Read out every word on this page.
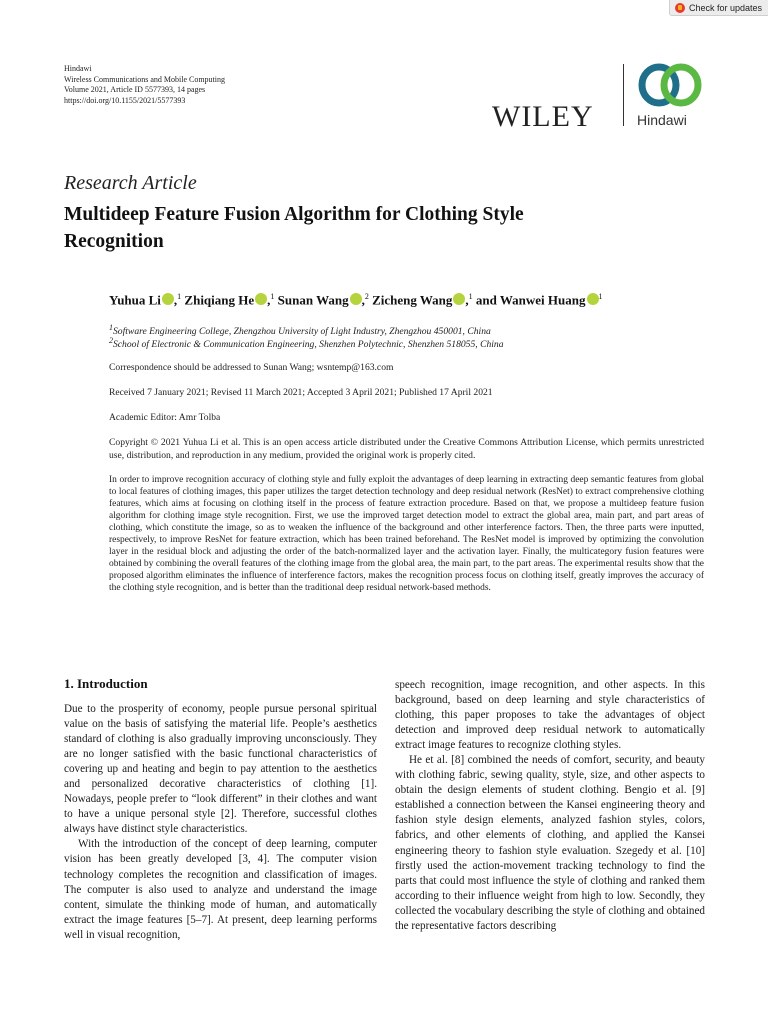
Check for updates
Hindawi
Wireless Communications and Mobile Computing
Volume 2021, Article ID 5577393, 14 pages
https://doi.org/10.1155/2021/5577393	WILEY	Hindawi
Research Article
Multideep Feature Fusion Algorithm for Clothing Style Recognition
Yuhua Li ,$^1$ Zhiqiang He ,$^1$ Sunan Wang ,$^2$ Zicheng Wang ,$^1$ and Wanwei Huang $^1$
$^1$Software Engineering College, Zhengzhou University of Light Industry, Zhengzhou 450001, China
$^2$School of Electronic & Communication Engineering, Shenzhen Polytechnic, Shenzhen 518055, China
Correspondence should be addressed to Sunan Wang; wsntemp@163.com
Received 7 January 2021; Revised 11 March 2021; Accepted 3 April 2021; Published 17 April 2021
Academic Editor: Amr Tolba
Copyright © 2021 Yuhua Li et al. This is an open access article distributed under the Creative Commons Attribution License, which permits unrestricted use, distribution, and reproduction in any medium, provided the original work is properly cited.
In order to improve recognition accuracy of clothing style and fully exploit the advantages of deep learning in extracting deep semantic features from global to local features of clothing images, this paper utilizes the target detection technology and deep residual network (ResNet) to extract comprehensive clothing features, which aims at focusing on clothing itself in the process of feature extraction procedure. Based on that, we propose a multideep feature fusion algorithm for clothing image style recognition. First, we use the improved target detection model to extract the global area, main part, and part areas of clothing, which constitute the image, so as to weaken the influence of the background and other interference factors. Then, the three parts were inputted, respectively, to improve ResNet for feature extraction, which has been trained beforehand. The ResNet model is improved by optimizing the convolution layer in the residual block and adjusting the order of the batch-normalized layer and the activation layer. Finally, the multicategory fusion features were obtained by combining the overall features of the clothing image from the global area, the main part, to the part areas. The experimental results show that the proposed algorithm eliminates the influence of interference factors, makes the recognition process focus on clothing itself, greatly improves the accuracy of the clothing style recognition, and is better than the traditional deep residual network-based methods.
1. Introduction

Due to the prosperity of economy, people pursue personal spiritual value on the basis of satisfying the material life. People’s aesthetics standard of clothing is also gradually improving unconsciously. They are no longer satisfied with the basic functional characteristics of covering up and heating and begin to pay attention to the aesthetics and personalized decorative characteristics of clothing [1]. Nowadays, people prefer to “look different” in their clothes and want to have a unique personal style [2]. Therefore, successful clothes always have distinct style characteristics.

With the introduction of the concept of deep learning, computer vision has been greatly developed [3, 4]. The computer vision technology completes the recognition and classification of images. The computer is also used to analyze and understand the image content, simulate the thinking mode of human, and automatically extract the image features [5–7]. At present, deep learning performs well in visual recognition,

speech recognition, image recognition, and other aspects. In this background, based on deep learning and style characteristics of clothing, this paper proposes to take the advantages of object detection and improved deep residual network to automatically extract image features to recognize clothing styles.

He et al. [8] combined the needs of comfort, security, and beauty with clothing fabric, sewing quality, style, size, and other aspects to obtain the design elements of student clothing. Bengio et al. [9] established a connection between the Kansei engineering theory and fashion style design elements, analyzed fashion styles, colors, fabrics, and other elements of clothing, and applied the Kansei engineering theory to fashion style evaluation. Szegedy et al. [10] firstly used the action-movement tracking technology to find the parts that could most influence the style of clothing and ranked them according to their influence weight from high to low. Secondly, they collected the vocabulary describing the style of clothing and obtained the representative factors describing
